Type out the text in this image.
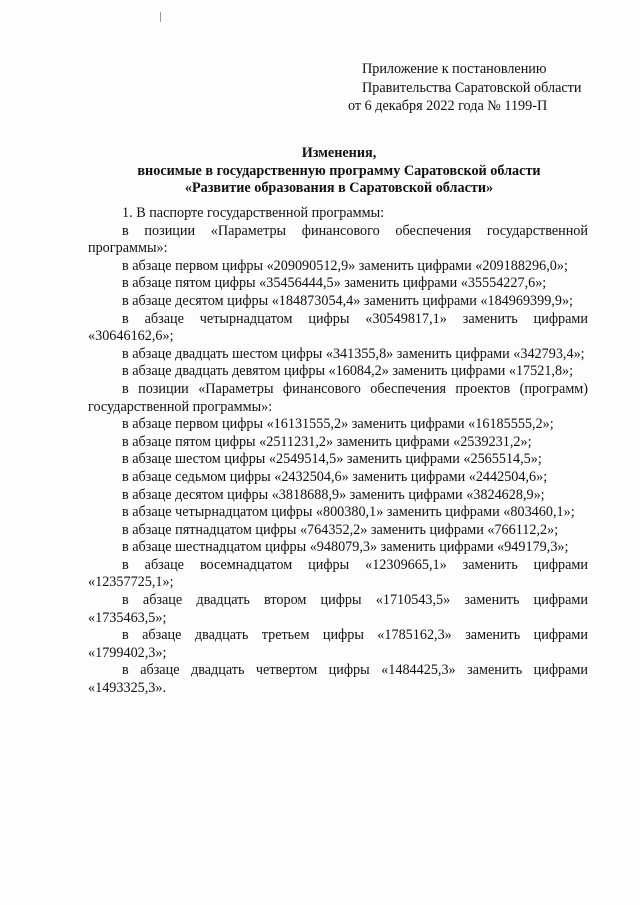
Приложение к постановлению
Правительства Саратовской области
от 6 декабря 2022 года № 1199-П
Изменения,
вносимые в государственную программу Саратовской области
«Развитие образования в Саратовской области»

1. В паспорте государственной программы:

в позиции «Параметры финансового обеспечения государственной программы»:

в абзаце первом цифры «209090512,9» заменить цифрами «209188296,0»;

в абзаце пятом цифры «35456444,5» заменить цифрами «35554227,6»;

в абзаце десятом цифры «184873054,4» заменить цифрами «184969399,9»;

в абзаце четырнадцатом цифры «30549817,1» заменить цифрами «30646162,6»;

в абзаце двадцать шестом цифры «341355,8» заменить цифрами «342793,4»;

в абзаце двадцать девятом цифры «16084,2» заменить цифрами «17521,8»;

в позиции «Параметры финансового обеспечения проектов (программ) государственной программы»:

в абзаце первом цифры «16131555,2» заменить цифрами «16185555,2»;

в абзаце пятом цифры «2511231,2» заменить цифрами «2539231,2»;

в абзаце шестом цифры «2549514,5» заменить цифрами «2565514,5»;

в абзаце седьмом цифры «2432504,6» заменить цифрами «2442504,6»;

в абзаце десятом цифры «3818688,9» заменить цифрами «3824628,9»;

в абзаце четырнадцатом цифры «800380,1» заменить цифрами «803460,1»;

в абзаце пятнадцатом цифры «764352,2» заменить цифрами «766112,2»;

в абзаце шестнадцатом цифры «948079,3» заменить цифрами «949179,3»;

в абзаце восемнадцатом цифры «12309665,1» заменить цифрами «12357725,1»;

в абзаце двадцать втором цифры «1710543,5» заменить цифрами «1735463,5»;

в абзаце двадцать третьем цифры «1785162,3» заменить цифрами «1799402,3»;

в абзаце двадцать четвертом цифры «1484425,3» заменить цифрами «1493325,3».
